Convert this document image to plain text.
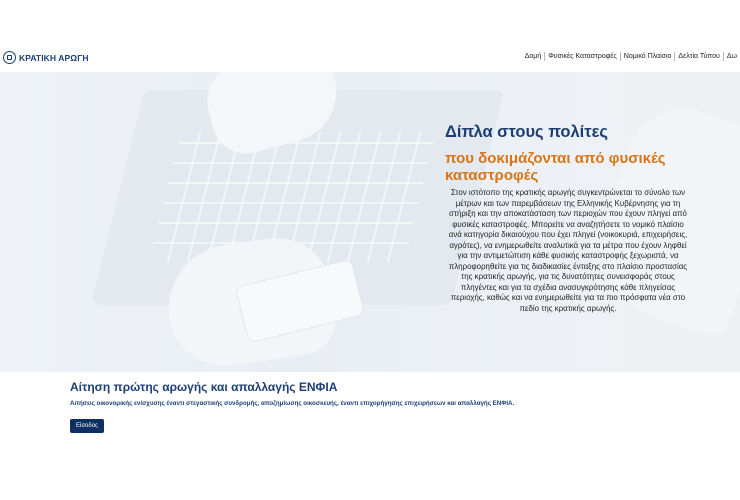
ΚΡΑΤΙΚΗ ΑΡΩΓΗ	Δομή	Φυσικές Καταστροφές	Νομικό Πλαίσιο	Δελτία Τύπου	Δω
Δίπλα στους πολίτες
που δοκιμάζονται από φυσικές καταστροφές

Στον ιστότοπο της κρατικής αρωγής συγκεντρώνεται το σύνολο των μέτρων και των παρεμβάσεων της Ελληνικής Κυβέρνησης για τη στήριξη και την αποκατάσταση των περιοχών που έχουν πληγεί από φυσικές καταστροφές. Μπορείτε να αναζητήσετε το νομικό πλαίσιο ανά κατηγορία δικαιούχου που έχει πληγεί (νοικοκυριά, επιχειρήσεις, αγρότες), να ενημερωθείτε αναλυτικά για τα μέτρα που έχουν ληφθεί για την αντιμετώπιση κάθε φυσικής καταστροφής ξεχωριστά, να πληροφορηθείτε για τις διαδικασίες ένταξης στο πλαίσιο προστασίας της κρατικής αρωγής, για τις δυνατότητες συνεισφοράς στους πληγέντες και για τα σχέδια ανασυγκρότησης κάθε πληγείσας περιοχής, καθώς και να ενημερωθείτε για τα πιο πρόσφατα νέα στο πεδίο της κρατικής αρωγής.

Αίτηση πρώτης αρωγής και απαλλαγής ΕΝΦΙΑ

Αιτήσεις οικονομικής ενίσχυσης έναντι στεγαστικής συνδρομής, αποζημίωσης οικοσκευής, έναντι επιχορήγησης επιχειρήσεων και απαλλαγής ΕΝΦΙΑ.

Είσοδος
